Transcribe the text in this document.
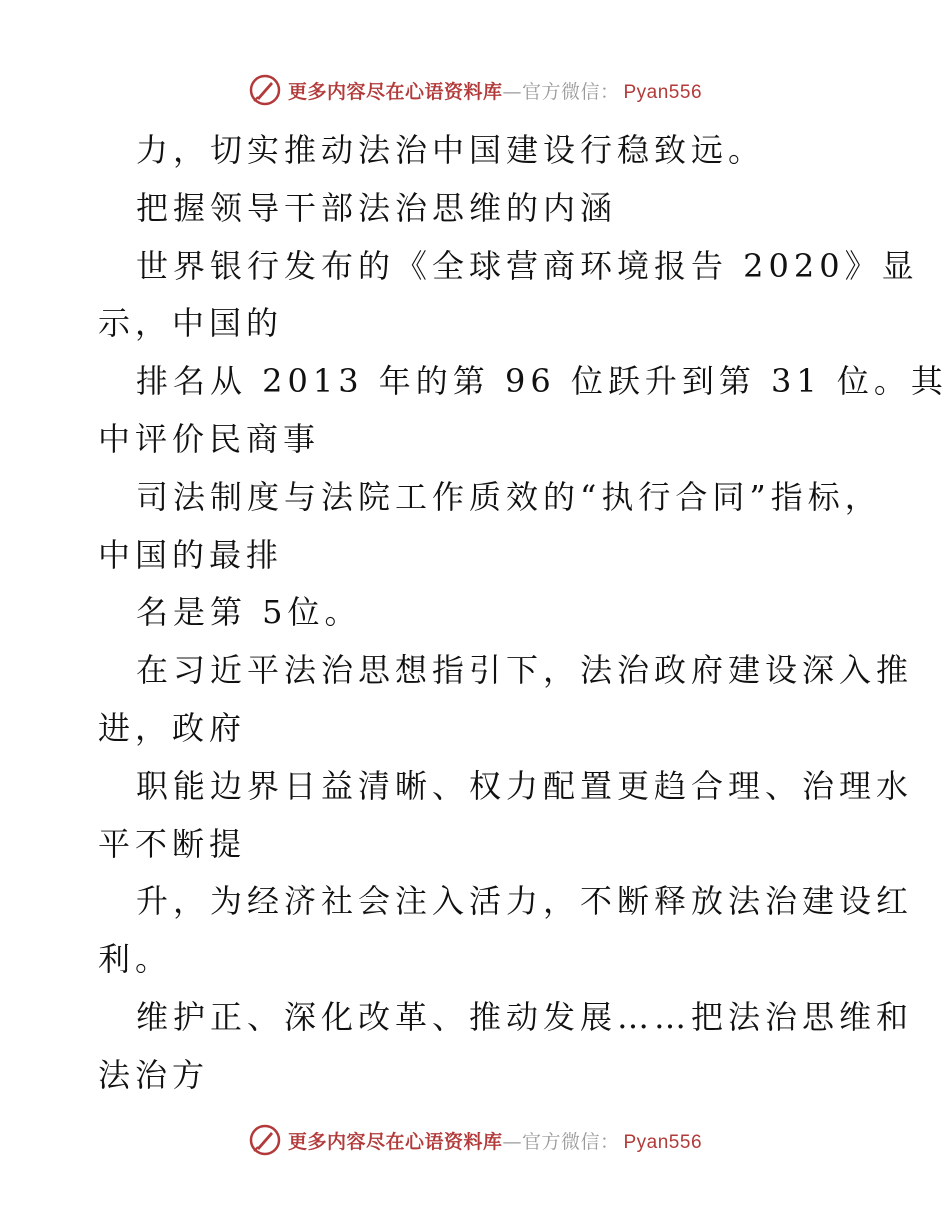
更多内容尽在心语资料库—官方微信： Pyan556
力，切实推动法治中国建设行稳致远。
把握领导干部法治思维的内涵
世界银行发布的《全球营商环境报告 2020》显
示，中国的
排名从 2013 年的第 96 位跃升到第 31 位。其
中评价民商事
司法制度与法院工作质效的“执行合同”指标，
中国的最排
名是第 5位。
在习近平法治思想指引下，法治政府建设深入推
进，政府
职能边界日益清晰、权力配置更趋合理、治理水
平不断提
升，为经济社会注入活力，不断释放法治建设红
利。
维护正、深化改革、推动发展……把法治思维和
法治方
更多内容尽在心语资料库—官方微信： Pyan556
